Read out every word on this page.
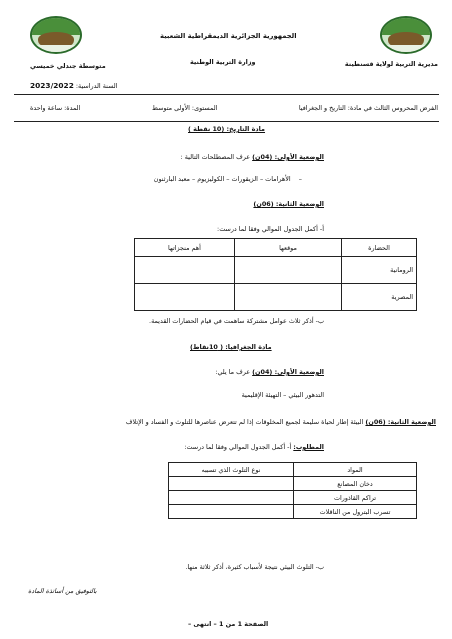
الجمهورية الجزائرية الديمقراطية الشعبية
وزارة التربية الوطنية	مديرية التربية لولاية قسنطينة
متوسطة جندلي خميسي
السنة الدراسية: 2023/2022
الفرض المحروس الثالث في مادة: التاريخ و الجغرافيا
المستوى: الأولى متوسط
المدة: ساعة واحدة
مادة التاريخ: (10 نقطة )
الوضعية الأولى: (04ن) عرف المصطلحات التالية :
–    الأهرامات – الزيقورات – الكوليزيوم – معبد البارثنون
الوضعية الثانية: (06ن)
أ- أكمل الجدول الموالي وفقا لما درست:
الحضارة	موقعها	أهم منجزاتها
الرومانية		
المصرية		
ب- أذكر ثلاث عوامل مشتركة ساهمت في قيام الحضارات القديمة.
مادة الجغرافيا: ( 10نقاط)
الوضعية الأولى: (04ن) عرف ما يلي:
التدهور البيئي – التهيئة الإقليمية
الوضعية الثانية: (06ن) البيئة إطار لحياة سليمة لجميع المخلوقات إذا لم تتعرض عناصرها للتلوث و الفساد و الإتلاف
المطلوب: أ- أكمل الجدول الموالي وفقا لما درست:
المواد	نوع التلوث الذي تسببه
دخان المصانع	
تراكم القاذورات	
تسرب البترول من الناقلات	
ب- التلوث البيئي نتيجة لأسباب كثيرة، أذكر ثلاثة منها.
بالتوفيق من أساتذة المادة
الصفحة 1 من 1 – انتهى –
